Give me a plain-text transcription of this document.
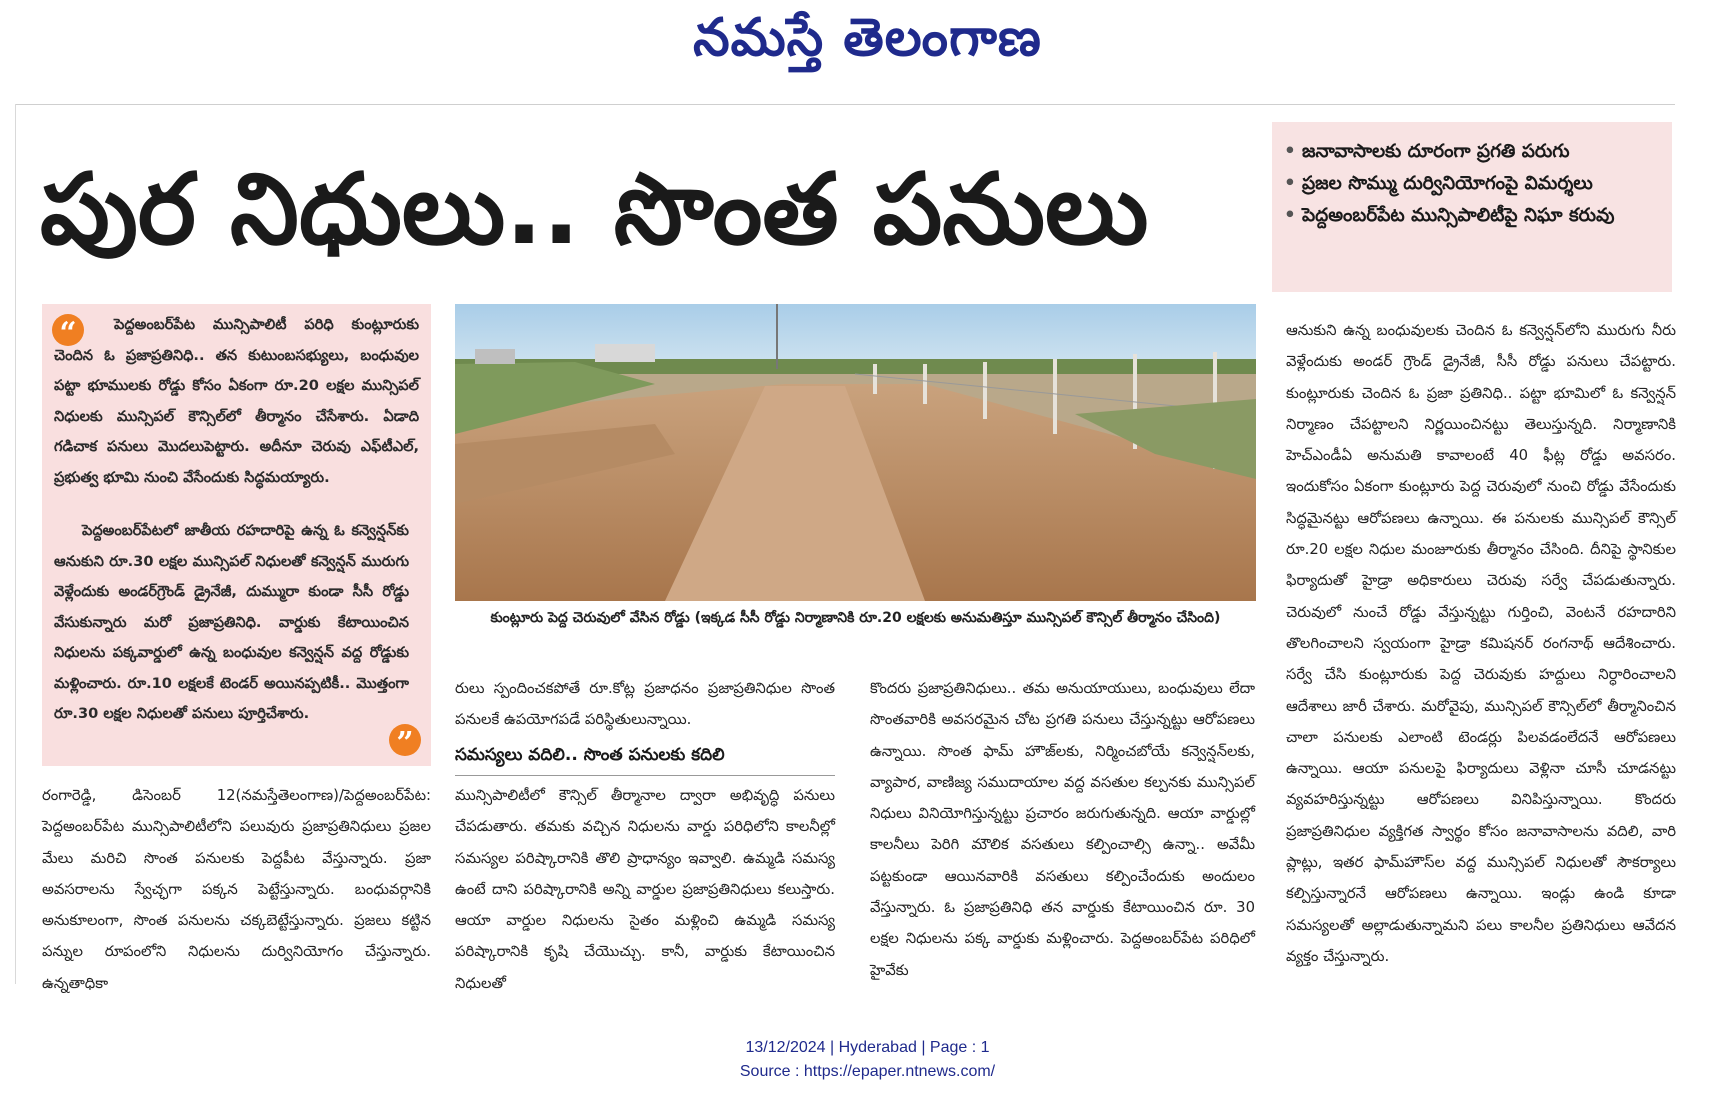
నమస్తే తెలంగాణ
పుర నిధులు.. సొంత పనులు
• జనావాసాలకు దూరంగా ప్రగతి పరుగు
• ప్రజల సొమ్ము దుర్వినియోగంపై విమర్శలు
• పెద్దఅంబర్‌పేట మున్సిపాలిటీపై నిఘా కరువు
“	పెద్దఅంబర్‌పేట మున్సిపాలిటీ పరిధి కుంట్లూరుకు చెందిన ఓ ప్రజాప్రతినిధి.. తన కుటుంబసభ్యులు, బంధువుల పట్టా భూములకు రోడ్డు కోసం ఏకంగా రూ.20 లక్షల మున్సిపల్ నిధులకు మున్సిపల్ కౌన్సిల్‌లో తీర్మానం చేసేశారు. ఏడాది గడిచాక పనులు మొదలుపెట్టారు. అదీనూ చెరువు ఎఫ్‌టీఎల్, ప్రభుత్వ భూమి నుంచి వేసేందుకు సిద్ధమయ్యారు.
పెద్దఅంబర్‌పేటలో జాతీయ రహదారిపై ఉన్న ఓ కన్వెన్షన్‌కు ఆనుకుని రూ.30 లక్షల మున్సిపల్ నిధులతో కన్వెన్షన్ మురుగు వెళ్లేందుకు అండర్‌గ్రౌండ్ డ్రైనేజీ, దుమ్మురా కుండా సీసీ రోడ్డు వేసుకున్నారు మరో ప్రజాప్రతినిధి. వార్డుకు కేటాయించిన నిధులను పక్కవార్డులో ఉన్న బంధువుల కన్వెన్షన్ వద్ద రోడ్డుకు మళ్లించారు. రూ.10 లక్షలకే టెండర్ అయినప్పటికీ.. మొత్తంగా రూ.30 లక్షల నిధులతో పనులు పూర్తిచేశారు.
”
కుంట్లూరు పెద్ద చెరువులో వేసిన రోడ్డు (ఇక్కడ సీసీ రోడ్డు నిర్మాణానికి రూ.20 లక్షలకు అనుమతిస్తూ మున్సిపల్ కౌన్సిల్ తీర్మానం చేసింది)
రంగారెడ్డి, డిసెంబర్ 12(నమస్తేతెలంగాణ)/పెద్దఅంబర్‌పేట: పెద్దఅంబర్‌పేట మున్సిపాలిటీలోని పలువురు ప్రజాప్రతినిధులు ప్రజల మేలు మరిచి సొంత పనులకు పెద్దపీట వేస్తున్నారు. ప్రజా అవసరాలను స్వేచ్ఛగా పక్కన పెట్టేస్తున్నారు. బంధువర్గానికి అనుకూలంగా, సొంత పనులను చక్కబెట్టేస్తున్నారు. ప్రజలు కట్టిన పన్నుల రూపంలోని నిధులను దుర్వినియోగం చేస్తున్నారు. ఉన్నతాధికా
రులు స్పందించకపోతే రూ.కోట్ల ప్రజాధనం ప్రజాప్రతినిధుల సొంత పనులకే ఉపయోగపడే పరిస్థితులున్నాయి.
సమస్యలు వదిలి.. సొంత పనులకు కదిలి
మున్సిపాలిటీలో కౌన్సిల్ తీర్మానాల ద్వారా అభివృద్ధి పనులు చేపడుతారు. తమకు వచ్చిన నిధులను వార్డు పరిధిలోని కాలనీల్లో సమస్యల పరిష్కారానికి తొలి ప్రాధాన్యం ఇవ్వాలి. ఉమ్మడి సమస్య ఉంటే దాని పరిష్కారానికి అన్ని వార్డుల ప్రజాప్రతినిధులు కలుస్తారు. ఆయా వార్డుల నిధులను సైతం మళ్లించి ఉమ్మడి సమస్య పరిష్కారానికి కృషి చేయొచ్చు. కానీ, వార్డుకు కేటాయించిన నిధులతో
కొందరు ప్రజాప్రతినిధులు.. తమ అనుయాయులు, బంధువులు లేదా సొంతవారికి అవసరమైన చోట ప్రగతి పనులు చేస్తున్నట్టు ఆరోపణలు ఉన్నాయి. సొంత ఫామ్ హౌజ్‌లకు, నిర్మించబోయే కన్వెన్షన్‌లకు, వ్యాపార, వాణిజ్య సముదాయాల వద్ద వసతుల కల్పనకు మున్సిపల్ నిధులు వినియోగిస్తున్నట్టు ప్రచారం జరుగుతున్నది. ఆయా వార్డుల్లో కాలనీలు పెరిగి మౌలిక వసతులు కల్పించాల్సి ఉన్నా.. అవేమీ పట్టకుండా ఆయినవారికి వసతులు కల్పించేందుకు అందులం వేస్తున్నారు. ఓ ప్రజాప్రతినిధి తన వార్డుకు కేటాయించిన రూ. 30 లక్షల నిధులను పక్క వార్డుకు మళ్లించారు. పెద్దఅంబర్‌పేట పరిధిలో హైవేకు
ఆనుకుని ఉన్న బంధువులకు చెందిన ఓ కన్వెన్షన్‌లోని మురుగు నీరు వెళ్లేందుకు అండర్ గ్రౌండ్ డ్రైనేజీ, సీసీ రోడ్డు పనులు చేపట్టారు. కుంట్లూరుకు చెందిన ఓ ప్రజా ప్రతినిధి.. పట్టా భూమిలో ఓ కన్వెన్షన్ నిర్మాణం చేపట్టాలని నిర్ణయించినట్టు తెలుస్తున్నది. నిర్మాణానికి హెచ్‌ఎండీఏ అనుమతి కావాలంటే 40 ఫీట్ల రోడ్డు అవసరం. ఇందుకోసం ఏకంగా కుంట్లూరు పెద్ద చెరువులో నుంచి రోడ్డు వేసేందుకు సిద్ధమైనట్టు ఆరోపణలు ఉన్నాయి. ఈ పనులకు మున్సిపల్ కౌన్సిల్ రూ.20 లక్షల నిధుల మంజూరుకు తీర్మానం చేసింది. దీనిపై స్థానికుల ఫిర్యాదుతో హైడ్రా అధికారులు చెరువు సర్వే చేపడుతున్నారు. చెరువులో నుంచే రోడ్డు వేస్తున్నట్టు గుర్తించి, వెంటనే రహదారిని తొలగించాలని స్వయంగా హైడ్రా కమిషనర్ రంగనాథ్ ఆదేశించారు. సర్వే చేసి కుంట్లూరుకు పెద్ద చెరువుకు హద్దులు నిర్ధారించాలని ఆదేశాలు జారీ చేశారు. మరోవైపు, మున్సిపల్ కౌన్సిల్‌లో తీర్మానించిన చాలా పనులకు ఎలాంటి టెండర్లు పిలవడంలేదనే ఆరోపణలు ఉన్నాయి. ఆయా పనులపై ఫిర్యాదులు వెళ్లినా చూసీ చూడనట్టు వ్యవహరిస్తున్నట్టు ఆరోపణలు వినిపిస్తున్నాయి. కొందరు ప్రజాప్రతినిధుల వ్యక్తిగత స్వార్థం కోసం జనావాసాలను వదిలి, వారి ప్లాట్లు, ఇతర ఫామ్‌హౌస్‌ల వద్ద మున్సిపల్ నిధులతో సౌకర్యాలు కల్పిస్తున్నారనే ఆరోపణలు ఉన్నాయి. ఇండ్లు ఉండి కూడా సమస్యలతో అల్లాడుతున్నామని పలు కాలనీల ప్రతినిధులు ఆవేదన వ్యక్తం చేస్తున్నారు.
13/12/2024 | Hyderabad | Page : 1
Source : https://epaper.ntnews.com/
